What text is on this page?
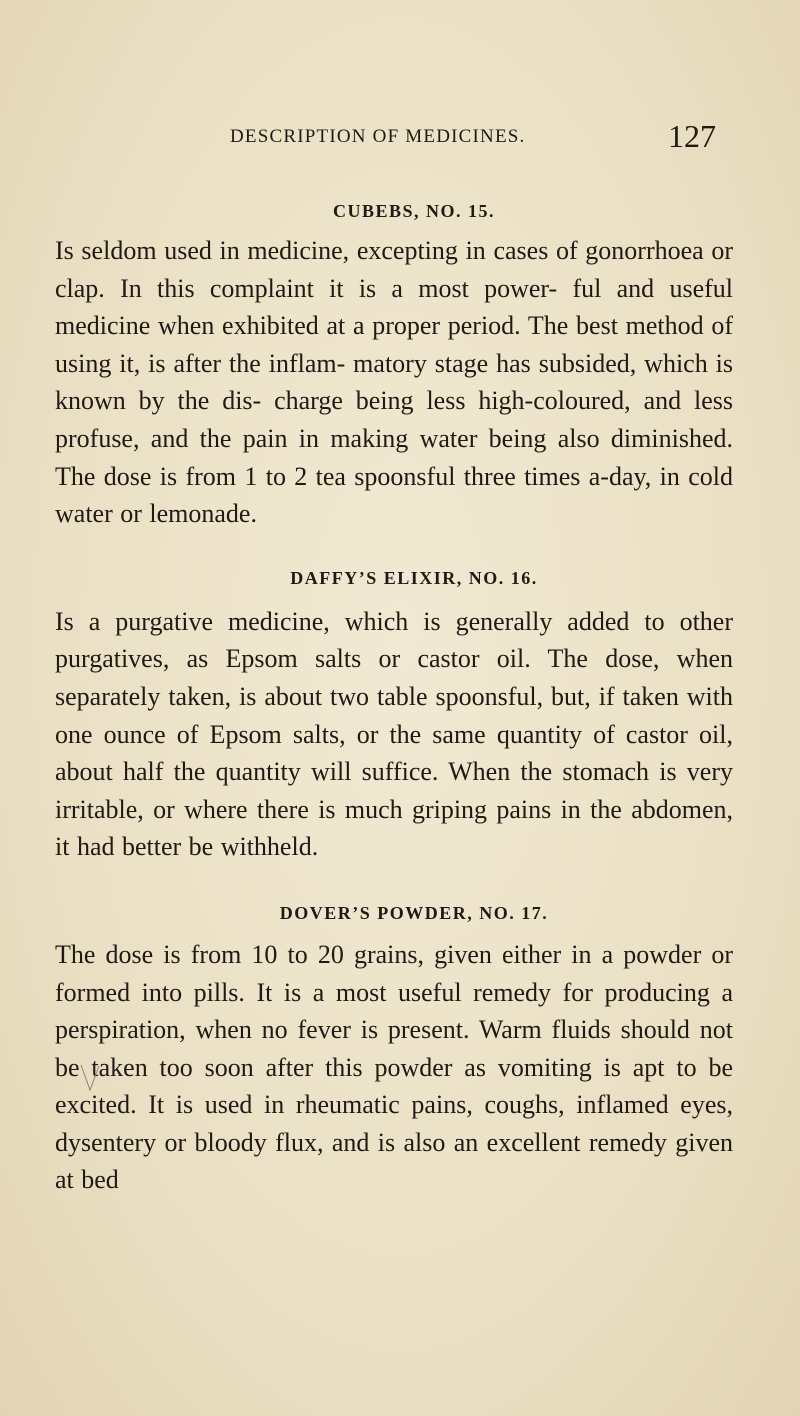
DESCRIPTION OF MEDICINES.	127
CUBEBS, NO. 15.

Is seldom used in medicine, excepting in cases of gonorrhoea or clap. In this complaint it is a most power- ful and useful medicine when exhibited at a proper period. The best method of using it, is after the inflam- matory stage has subsided, which is known by the dis- charge being less high-coloured, and less profuse, and the pain in making water being also diminished. The dose is from 1 to 2 tea spoonsful three times a-day, in cold water or lemonade.

DAFFY’S ELIXIR, NO. 16.

Is a purgative medicine, which is generally added to other purgatives, as Epsom salts or castor oil. The dose, when separately taken, is about two table spoonsful, but, if taken with one ounce of Epsom salts, or the same quantity of castor oil, about half the quantity will suffice. When the stomach is very irritable, or where there is much griping pains in the abdomen, it had better be withheld.

DOVER’S POWDER, NO. 17.

The dose is from 10 to 20 grains, given either in a powder or formed into pills. It is a most useful remedy for producing a perspiration, when no fever is present. Warm fluids should not be taken too soon after this powder as vomiting is apt to be excited. It is used in rheumatic pains, coughs, inflamed eyes, dysentery or bloody flux, and is also an excellent remedy given at bed
